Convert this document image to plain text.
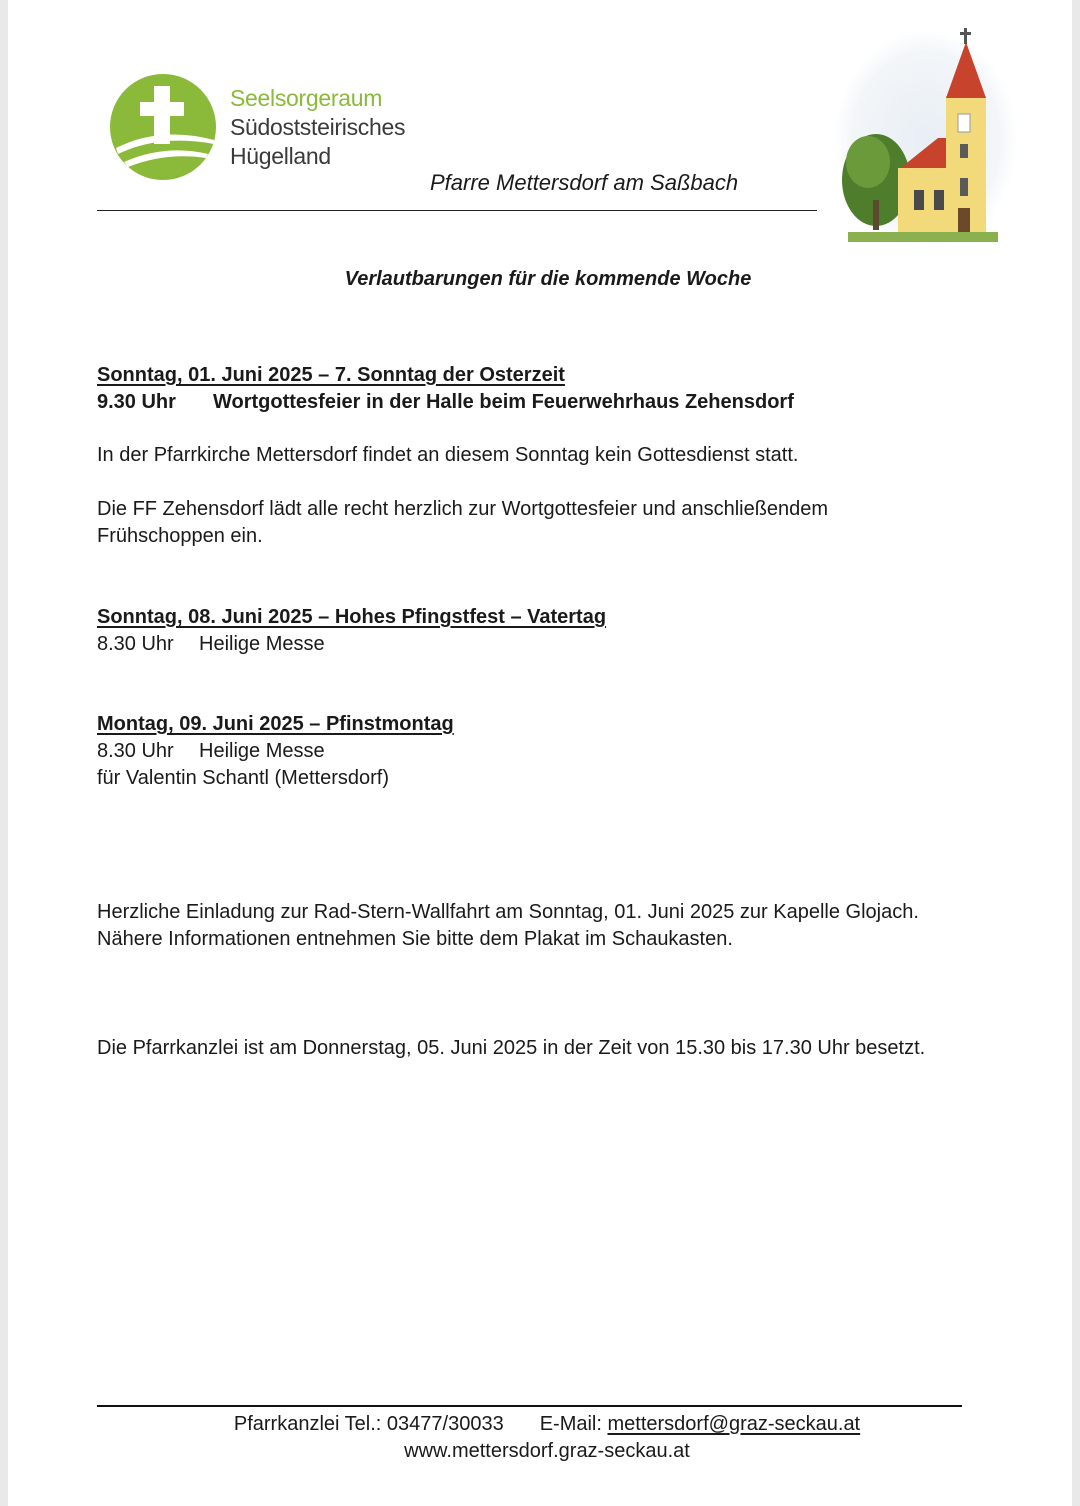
Seelsorgeraum
Südoststeirisches
Hügelland
Pfarre Mettersdorf am Saßbach
Verlautbarungen für die kommende Woche
Sonntag, 01. Juni 2025 – 7. Sonntag der Osterzeit
9.30 Uhr Wortgottesfeier in der Halle beim Feuerwehrhaus Zehensdorf
In der Pfarrkirche Mettersdorf findet an diesem Sonntag kein Gottesdienst statt.
Die FF Zehensdorf lädt alle recht herzlich zur Wortgottesfeier und anschließendem
Frühschoppen ein.
Sonntag, 08. Juni 2025 – Hohes Pfingstfest – Vatertag
8.30 Uhr Heilige Messe
Montag, 09. Juni 2025 – Pfinstmontag
8.30 Uhr Heilige Messe
für Valentin Schantl (Mettersdorf)
Herzliche Einladung zur Rad-Stern-Wallfahrt am Sonntag, 01. Juni 2025 zur Kapelle Glojach.
Nähere Informationen entnehmen Sie bitte dem Plakat im Schaukasten.
Die Pfarrkanzlei ist am Donnerstag, 05. Juni 2025 in der Zeit von 15.30 bis 17.30 Uhr besetzt.
Pfarrkanzlei Tel.: 03477/30033 E-Mail: mettersdorf@graz-seckau.at
www.mettersdorf.graz-seckau.at
